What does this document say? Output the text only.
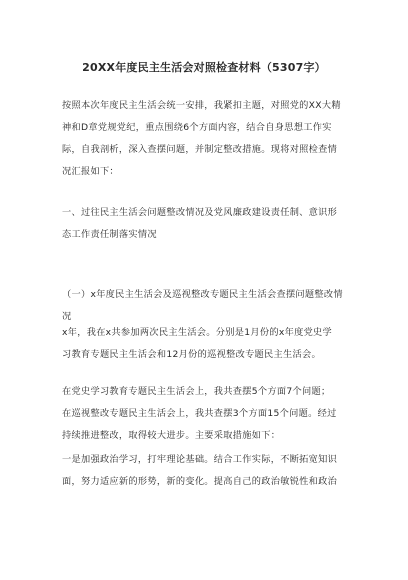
20XX年度民主生活会对照检查材料（5307字）
按照本次年度民主生活会统一安排，我紧扣主题，对照党的XX大精
神和D章党规党纪，重点围绕6个方面内容，结合自身思想工作实
际，自我剖析，深入查摆问题，并制定整改措施。现将对照检查情
况汇报如下：
一、过往民主生活会问题整改情况及党风廉政建设责任制、意识形
态工作责任制落实情况
（一）x年度民主生活会及巡视整改专题民主生活会查摆问题整改情
况
x年，我在x共参加两次民主生活会。分别是1月份的x年度党史学
习教育专题民主生活会和12月份的巡视整改专题民主生活会。
在党史学习教育专题民主生活会上，我共查摆5个方面7个问题；
在巡视整改专题民主生活会上，我共查摆3个方面15个问题。经过
持续推进整改，取得较大进步。主要采取措施如下：
一是加强政治学习，打牢理论基础。结合工作实际，不断拓宽知识
面，努力适应新的形势，新的变化。提高自己的政治敏锐性和政治
